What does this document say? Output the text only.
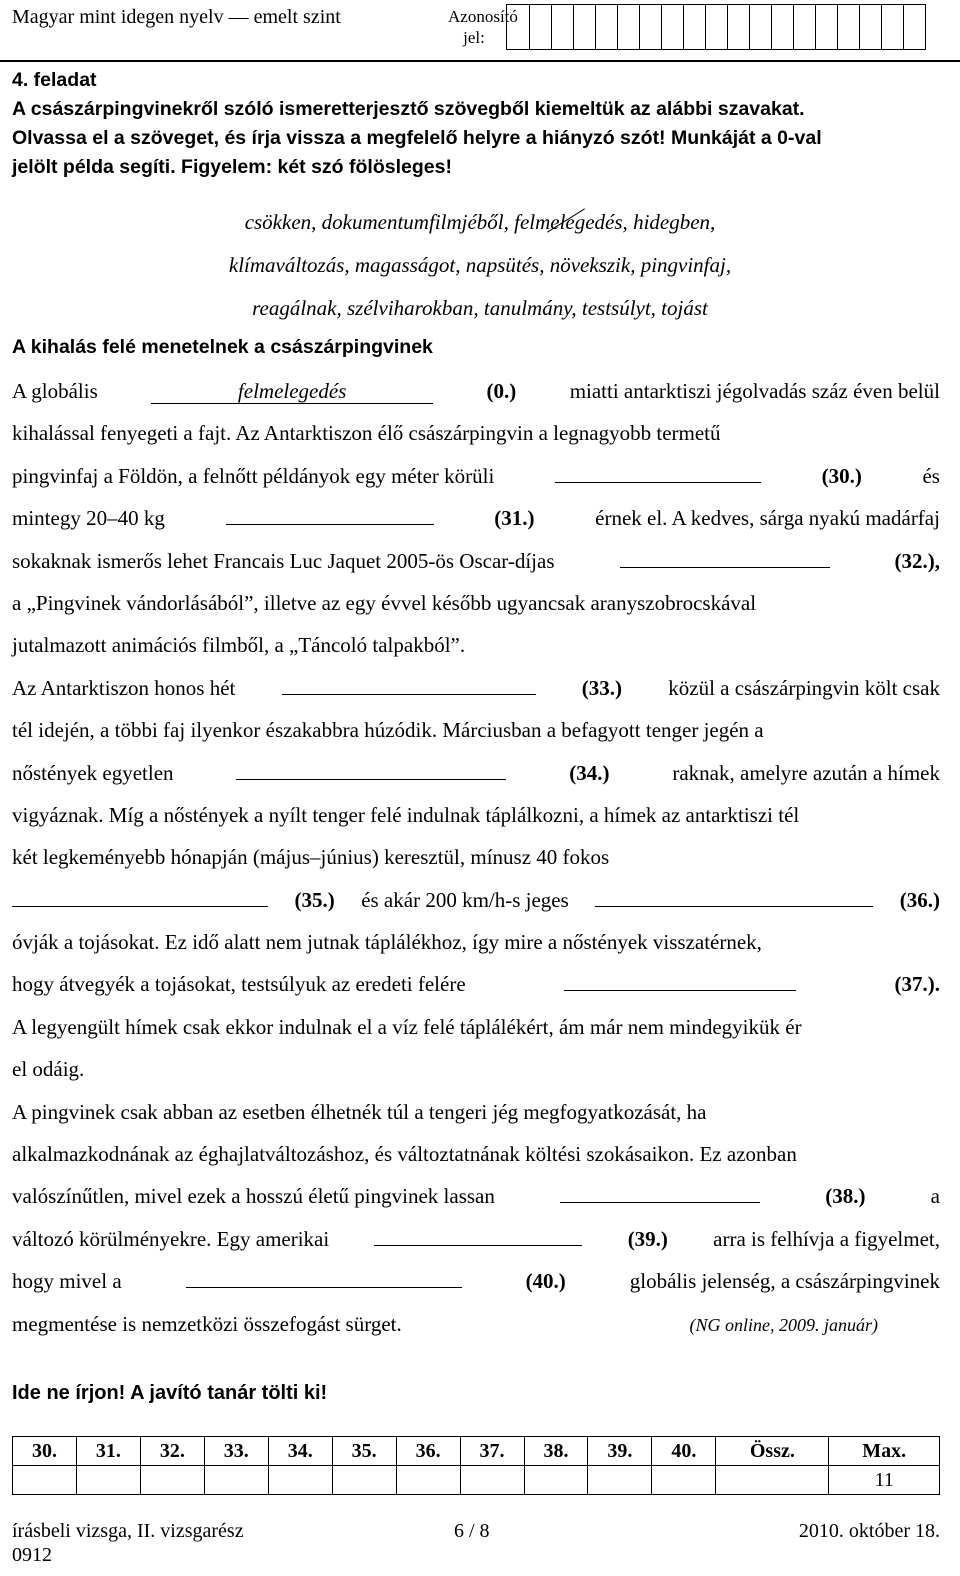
Magyar mint idegen nyelv — emelt szint	Azonosító jel:
4. feladat
A császárpingvinekről szóló ismeretterjesztő szövegből kiemeltük az alábbi szavakat.
Olvassa el a szöveget, és írja vissza a megfelelő helyre a hiányzó szót! Munkáját a 0-val
jelölt példa segíti. Figyelem: két szó fölösleges!
csökken, dokumentumfilmjéből, felmelegedés, hidegben,
klímaváltozás, magasságot, napsütés, növekszik, pingvinfaj,
reagálnak, szélviharokban, tanulmány, testsúlyt, tojást
A kihalás felé menetelnek a császárpingvinek
A globális	felmelegedés	(0.)	miatti antarktiszi jégolvadás száz éven belül
kihalással fenyegeti a fajt. Az Antarktiszon élő császárpingvin a legnagyobb termetű
pingvinfaj a Földön, a felnőtt példányok egy méter körüli	(30.)	és
mintegy 20–40 kg	(31.)	érnek el. A kedves, sárga nyakú madárfaj
sokaknak ismerős lehet Francais Luc Jaquet 2005-ös Oscar-díjas	(32.),
a „Pingvinek vándorlásából”, illetve az egy évvel később ugyancsak aranyszobrocskával
jutalmazott animációs filmből, a „Táncoló talpakból”.
Az Antarktiszon honos hét	(33.) közül a császárpingvin költ csak
tél idején, a többi faj ilyenkor északabbra húzódik. Márciusban a befagyott tenger jegén a
nőstények egyetlen	(34.)	raknak, amelyre azután a hímek
vigyáznak. Míg a nőstények a nyílt tenger felé indulnak táplálkozni, a hímek az antarktiszi tél
két legkeményebb hónapján (május–június) keresztül, mínusz 40 fokos
(35.) és akár 200 km/h-s jeges	(36.)
óvják a tojásokat. Ez idő alatt nem jutnak táplálékhoz, így mire a nőstények visszatérnek,
hogy átvegyék a tojásokat, testsúlyuk az eredeti felére	(37.).
A legyengült hímek csak ekkor indulnak el a víz felé táplálékért, ám már nem mindegyikük ér
el odáig.
A pingvinek csak abban az esetben élhetnék túl a tengeri jég megfogyatkozását, ha
alkalmazkodnának az éghajlatváltozáshoz, és változtatnának költési szokásaikon. Ez azonban
valószínűtlen, mivel ezek a hosszú életű pingvinek lassan	(38.)	a
változó körülményekre. Egy amerikai	(39.) arra is felhívja a figyelmet,
hogy mivel a	(40.)	globális jelenség, a császárpingvinek
megmentése is nemzetközi összefogást sürget.	(NG online, 2009. január)
Ide ne írjon! A javító tanár tölti ki!
30.	31.	32.	33.	34.	35.	36.	37.	38.	39.	40.	Össz.	Max.
												11
írásbeli vizsga, II. vizsgarész
0912
6 / 8	2010. október 18.
